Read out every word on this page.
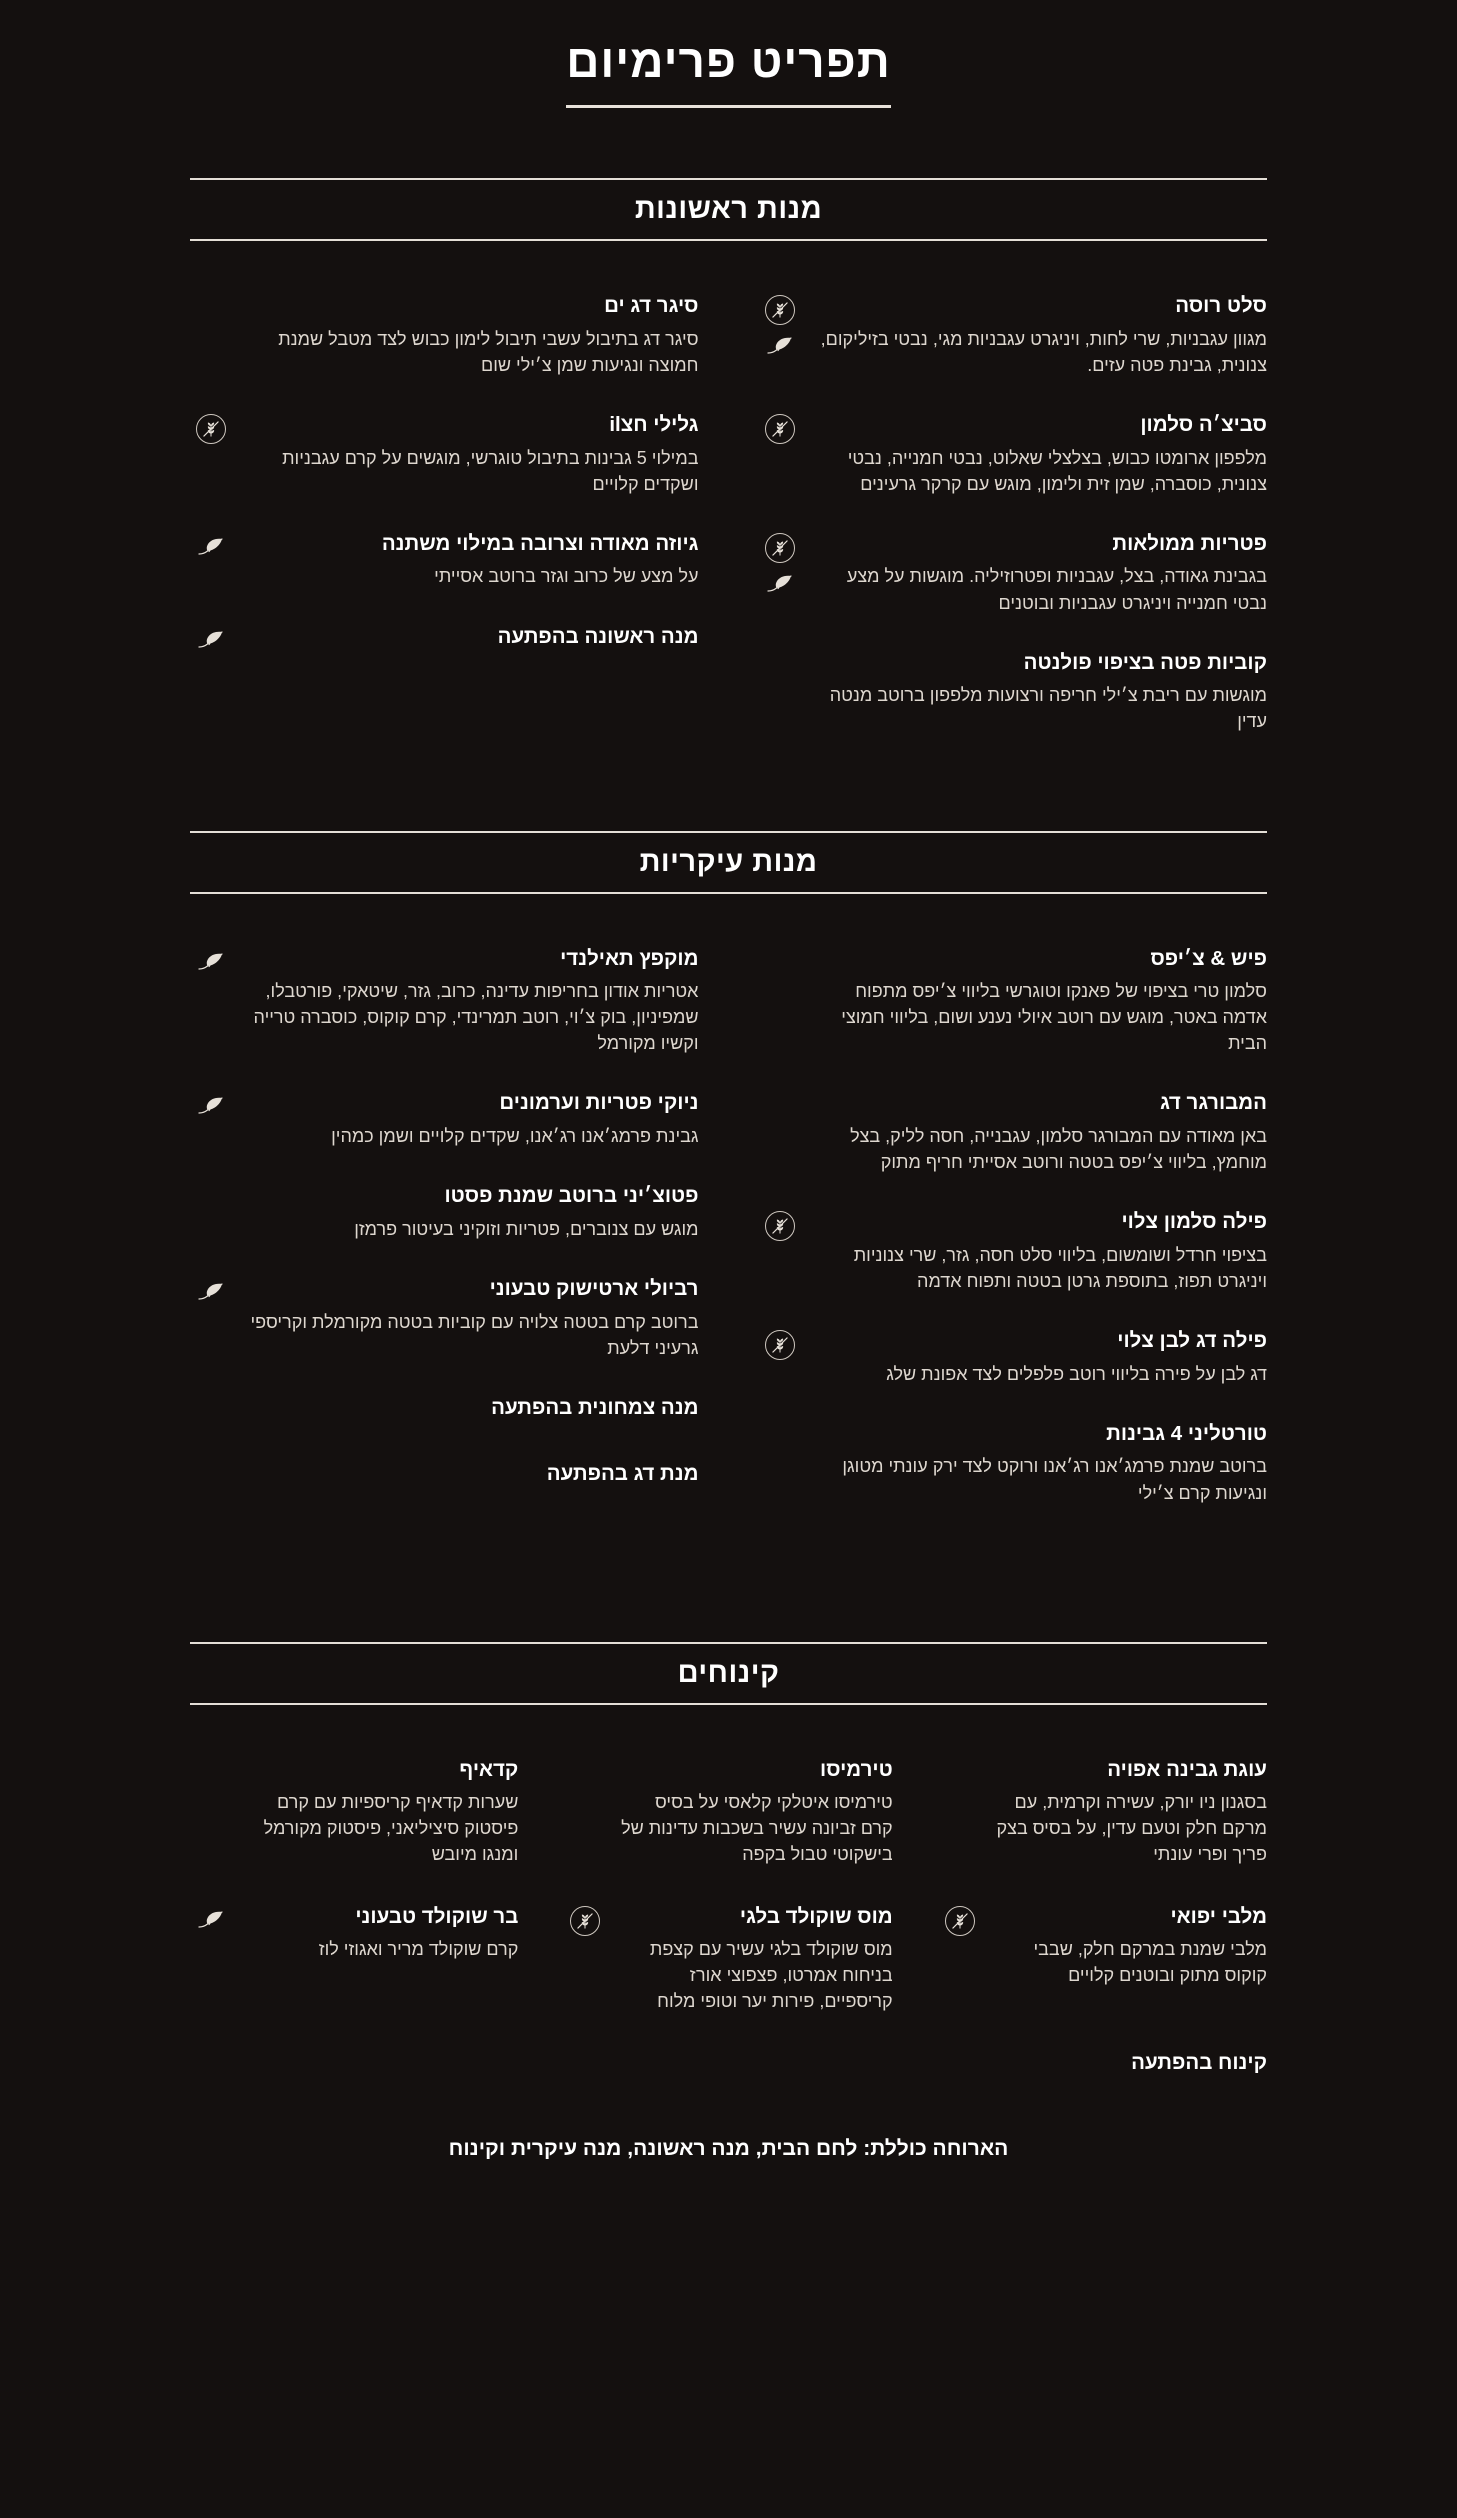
תפריט פרימיום
מנות ראשונות
סלט רוסה
מגוון עגבניות, שרי לחות, ויניגרט עגבניות מגי, נבטי בזיליקום, צנונית, גבינת פטה עזים.
סביצ׳ה סלמון
מלפפון ארומטו כבוש, בצלצלי שאלוט, נבטי חמנייה, נבטי צנונית, כוסברה, שמן זית ולימון, מוגש עם קרקר גרעינים
פטריות ממולאות
בגבינת גאודה, בצל, עגבניות ופטרוזיליה. מוגשות על מצע נבטי חמנייה ויניגרט עגבניות ובוטנים
קוביות פטה בציפוי פולנטה
מוגשות עם ריבת צ׳ילי חריפה ורצועות מלפפון ברוטב מנטה עדין
סיגר דג ים
סיגר דג בתיבול עשבי תיבול לימון כבוש לצד מטבל שמנת חמוצה ונגיעות שמן צ׳ילי שום
גלילי חצil
במילוי 5 גבינות בתיבול טוגרשי, מוגשים על קרם עגבניות ושקדים קלויים
גיוזה מאודה וצרובה במילוי משתנה
על מצע של כרוב וגזר ברוטב אסייתי
מנה ראשונה בהפתעה
מנות עיקריות
פיש & צ׳יפס
סלמון טרי בציפוי של פאנקו וטוגרשי בליווי צ׳יפס מתפוח אדמה באטר, מוגש עם רוטב איולי נענע ושום, בליווי חמוצי הבית
המבורגר דג
באן מאודה עם המבורגר סלמון, עגבנייה, חסה לליק, בצל מוחמץ, בליווי צ׳יפס בטטה ורוטב אסייתי חריף מתוק
פילה סלמון צלוי
בציפוי חרדל ושומשום, בליווי סלט חסה, גזר, שרי צנוניות ויניגרט תפוז, בתוספת גרטן בטטה ותפוח אדמה
פילה דג לבן צלוי
דג לבן על פירה בליווי רוטב פלפלים לצד אפונת שלג
טורטליני 4 גבינות
ברוטב שמנת פרמג׳אנו רג׳אנו ורוקט לצד ירק עונתי מטוגן ונגיעות קרם צ׳ילי
מוקפץ תאילנדי
אטריות אודון בחריפות עדינה, כרוב, גזר, שיטאקי, פורטבלו, שמפיניון, בוק צ׳וי, רוטב תמרינדי, קרם קוקוס, כוסברה טרייה וקשיו מקורמל
ניוקי פטריות וערמונים
גבינת פרמג׳אנו רג׳אנו, שקדים קלויים ושמן כמהין
פטוצ׳יני ברוטב שמנת פסטו
מוגש עם צנוברים, פטריות וזוקיני בעיטור פרמזן
רביולי ארטישוק טבעוני
ברוטב קרם בטטה צלויה עם קוביות בטטה מקורמלת וקריספי גרעיני דלעת
מנה צמחונית בהפתעה
מנת דג בהפתעה
קינוחים
עוגת גבינה אפויה
בסגנון ניו יורק, עשירה וקרמית, עם מרקם חלק וטעם עדין, על בסיס בצק פריך ופרי עונתי
טירמיסו
טירמיסו איטלקי קלאסי על בסיס קרם זביונה עשיר בשכבות עדינות של בישקוטי טבול בקפה
קדאיף
שערות קדאיף קריספיות עם קרם פיסטוק סיציליאני, פיסטוק מקורמל ומנגו מיובש
מלבי יפואי
מלבי שמנת במרקם חלק, שבבי קוקוס מתוק ובוטנים קלויים
מוס שוקולד בלגי
מוס שוקולד בלגי עשיר עם קצפת בניחוח אמרטו, פצפוצי אורז קריספיים, פירות יער וטופי מלוח
בר שוקולד טבעוני
קרם שוקולד מריר ואגוזי לוז
קינוח בהפתעה
הארוחה כוללת: לחם הבית, מנה ראשונה, מנה עיקרית וקינוח
